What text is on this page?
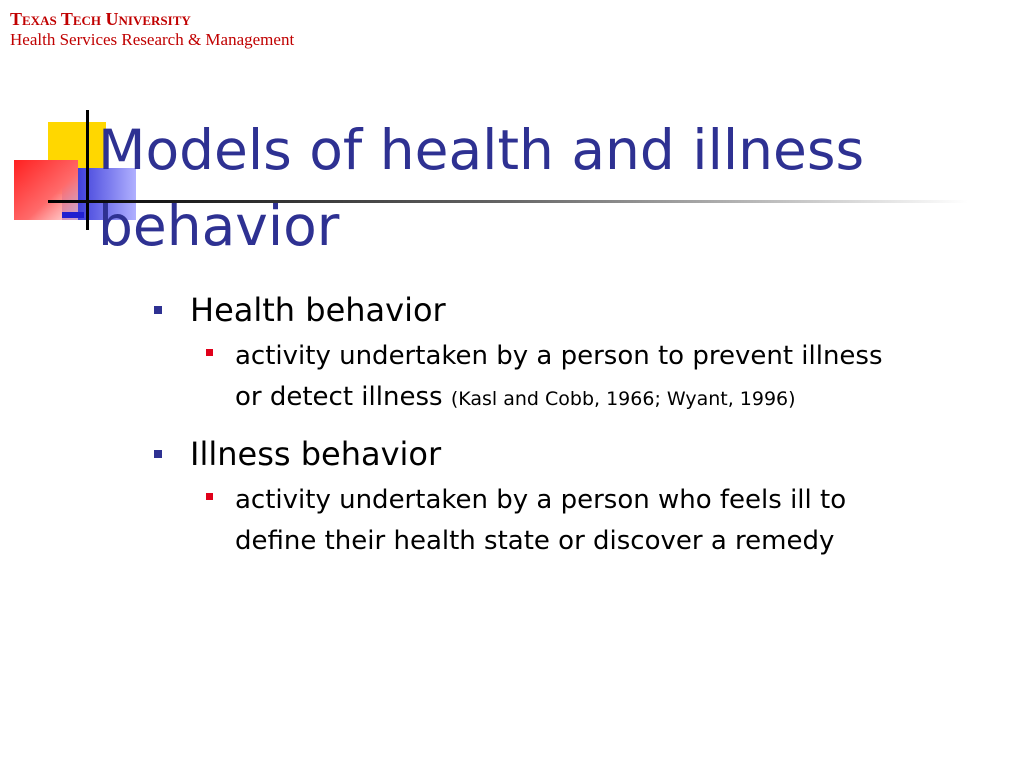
Texas Tech University
Health Services Research & Management
Models of health and illness behavior
Health behavior
activity undertaken by a person to prevent illness or detect illness (Kasl and Cobb, 1966; Wyant, 1996)
Illness behavior
activity undertaken by a person who feels ill to define their health state or discover a remedy
